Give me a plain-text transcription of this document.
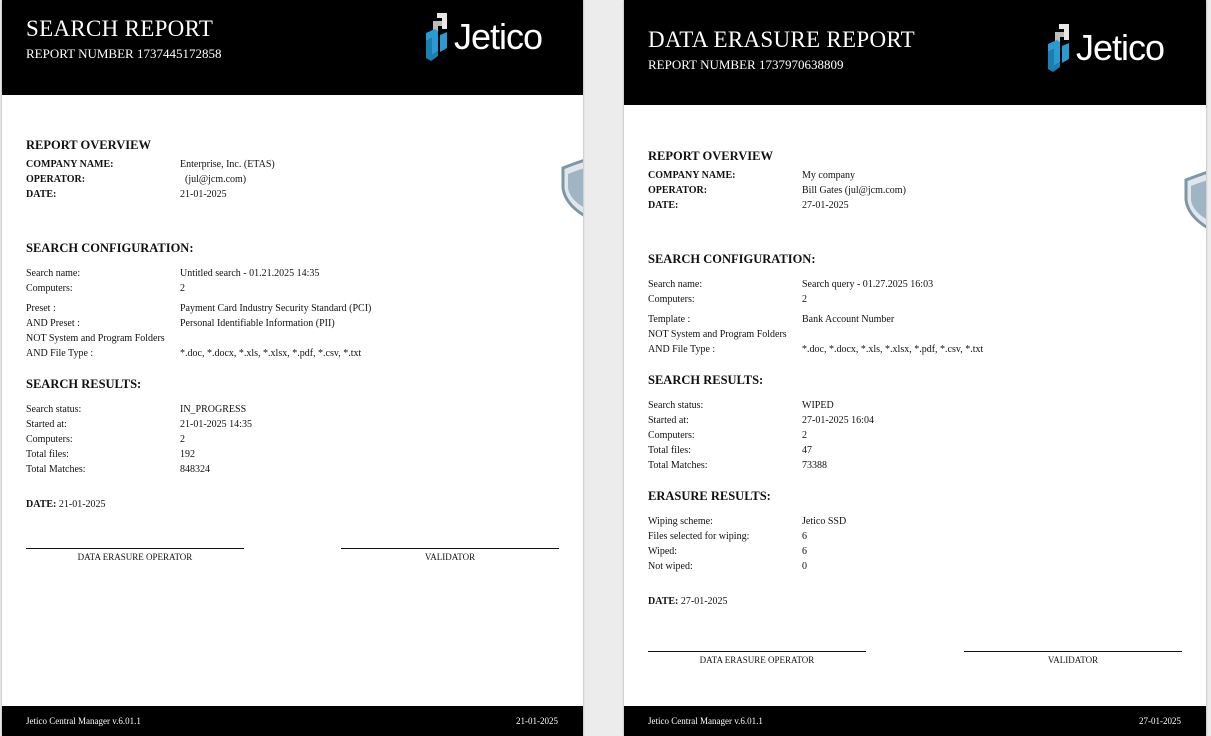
SEARCH REPORT
REPORT NUMBER 1737445172858	Jetico
REPORT OVERVIEW
COMPANY NAME:	Enterprise, Inc. (ETAS)
OPERATOR:	(jul@jcm.com)
DATE:	21-01-2025
SEARCH CONFIGURATION:
Search name:	Untitled search - 01.21.2025 14:35
Computers:	2
Preset :	Payment Card Industry Security Standard (PCI)
AND Preset :	Personal Identifiable Information (PII)
NOT System and Program Folders
AND File Type :	*.doc, *.docx, *.xls, *.xlsx, *.pdf, *.csv, *.txt
SEARCH RESULTS:
Search status:	IN_PROGRESS
Started at:	21-01-2025 14:35
Computers:	2
Total files:	192
Total Matches:	848324
DATE: 21-01-2025
DATA ERASURE OPERATOR	VALIDATOR
Jetico Central Manager v.6.01.1	21-01-2025
DATA ERASURE REPORT
REPORT NUMBER 1737970638809	Jetico
REPORT OVERVIEW
COMPANY NAME:	My company
OPERATOR:	Bill Gates (jul@jcm.com)
DATE:	27-01-2025
SEARCH CONFIGURATION:
Search name:	Search query - 01.27.2025 16:03
Computers:	2
Template :	Bank Account Number
NOT System and Program Folders
AND File Type :	*.doc, *.docx, *.xls, *.xlsx, *.pdf, *.csv, *.txt
SEARCH RESULTS:
Search status:	WIPED
Started at:	27-01-2025 16:04
Computers:	2
Total files:	47
Total Matches:	73388
ERASURE RESULTS:
Wiping scheme:	Jetico SSD
Files selected for wiping:	6
Wiped:	6
Not wiped:	0
DATE: 27-01-2025
DATA ERASURE OPERATOR	VALIDATOR
Jetico Central Manager v.6.01.1	27-01-2025
